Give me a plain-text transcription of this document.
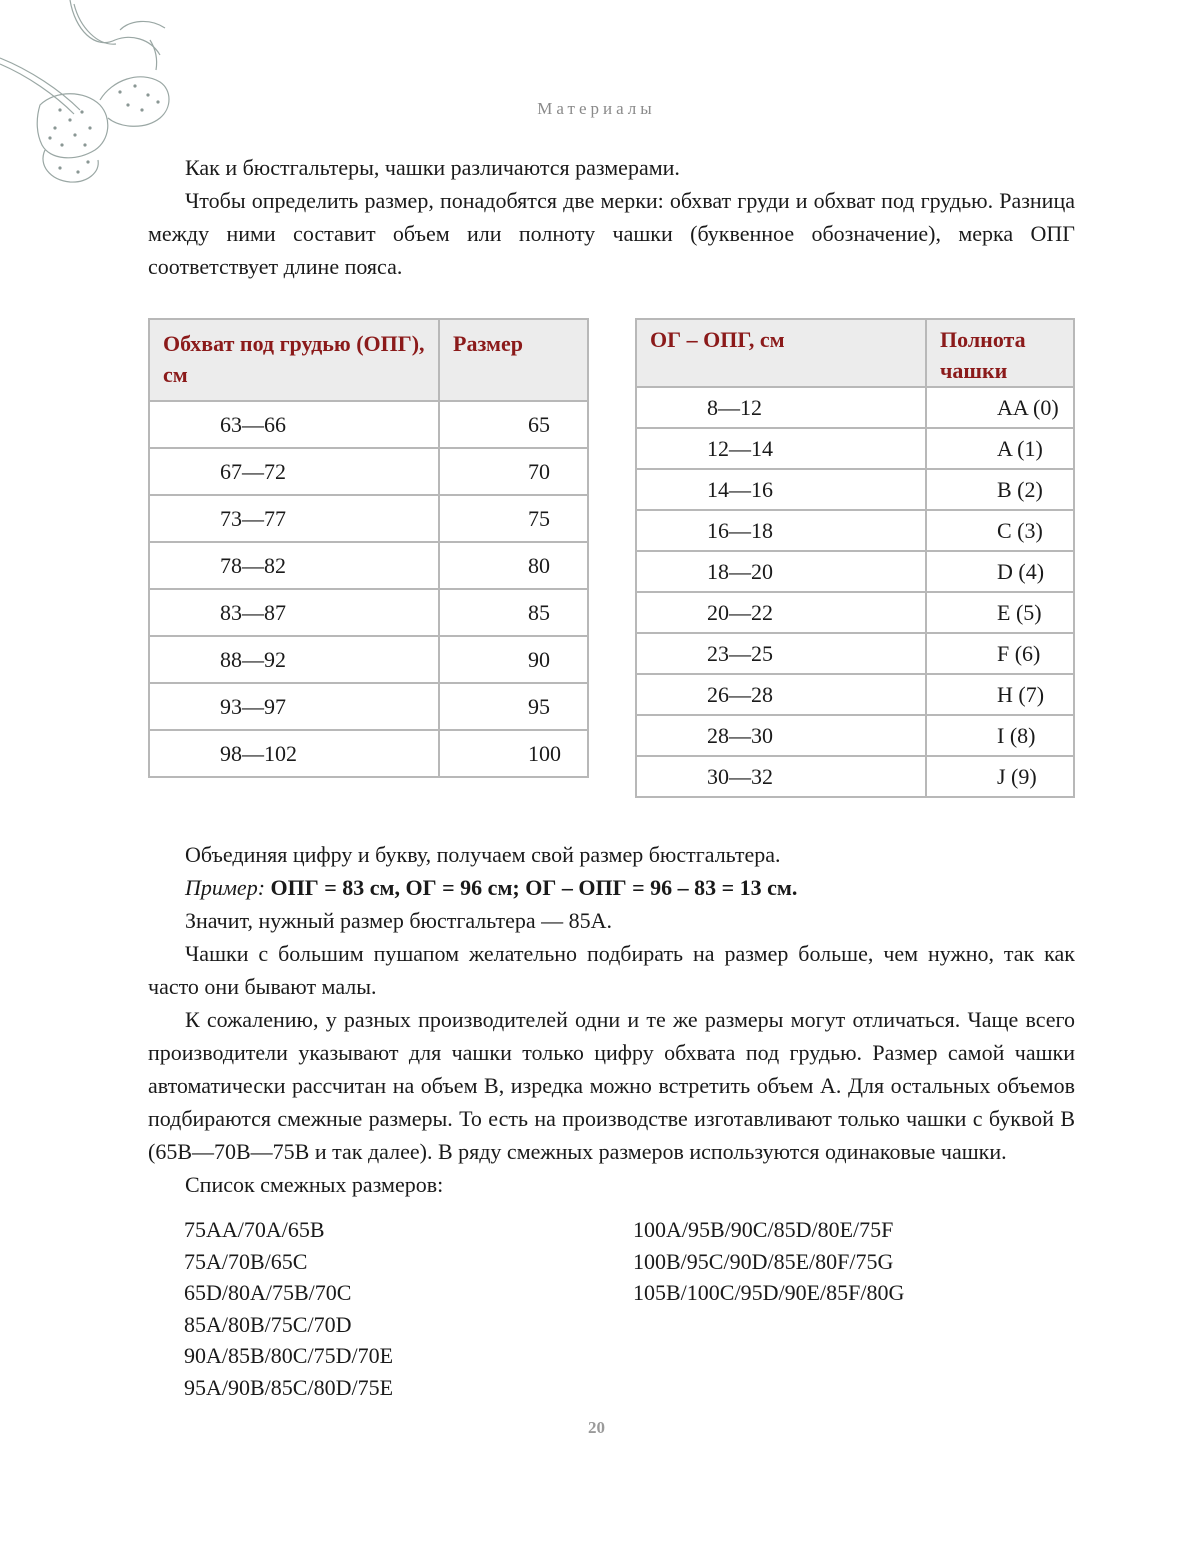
Материалы

Как и бюстгальтеры, чашки различаются размерами.

Чтобы определить размер, понадобятся две мерки: обхват груди и обхват под грудью. Разница между ними составит объем или полноту чашки (буквенное обозначение), мерка ОПГ соответствует длине пояса.

Обхват под грудью (ОПГ), см	Размер
63—66	65
67—72	70
73—77	75
78—82	80
83—87	85
88—92	90
93—97	95
98—102	100
ОГ – ОПГ, см	Полнота чашки
8—12	AA (0)
12—14	A (1)
14—16	B (2)
16—18	C (3)
18—20	D (4)
20—22	E (5)
23—25	F (6)
26—28	H (7)
28—30	I (8)
30—32	J (9)

Объединяя цифру и букву, получаем свой размер бюстгальтера.

Пример: ОПГ = 83 см, ОГ = 96 см; ОГ – ОПГ = 96 – 83 = 13 см.

Значит, нужный размер бюстгальтера — 85А.

Чашки с большим пушапом желательно подбирать на размер больше, чем нужно, так как часто они бывают малы.

К сожалению, у разных производителей одни и те же размеры могут отличаться. Чаще всего производители указывают для чашки только цифру обхвата под грудью. Размер самой чашки автоматически рассчитан на объем В, изредка можно встретить объем А. Для остальных объемов подбираются смежные размеры. То есть на производстве изготавливают только чашки с буквой В (65В—70В—75В и так далее). В ряду смежных размеров используются одинаковые чашки.

Список смежных размеров:

75AA/70A/65B
75A/70B/65C
65D/80A/75B/70C
85A/80B/75C/70D
90A/85B/80C/75D/70E
95A/90B/85C/80D/75E
100A/95B/90C/85D/80E/75F
100B/95C/90D/85E/80F/75G
105B/100C/95D/90E/85F/80G
20
